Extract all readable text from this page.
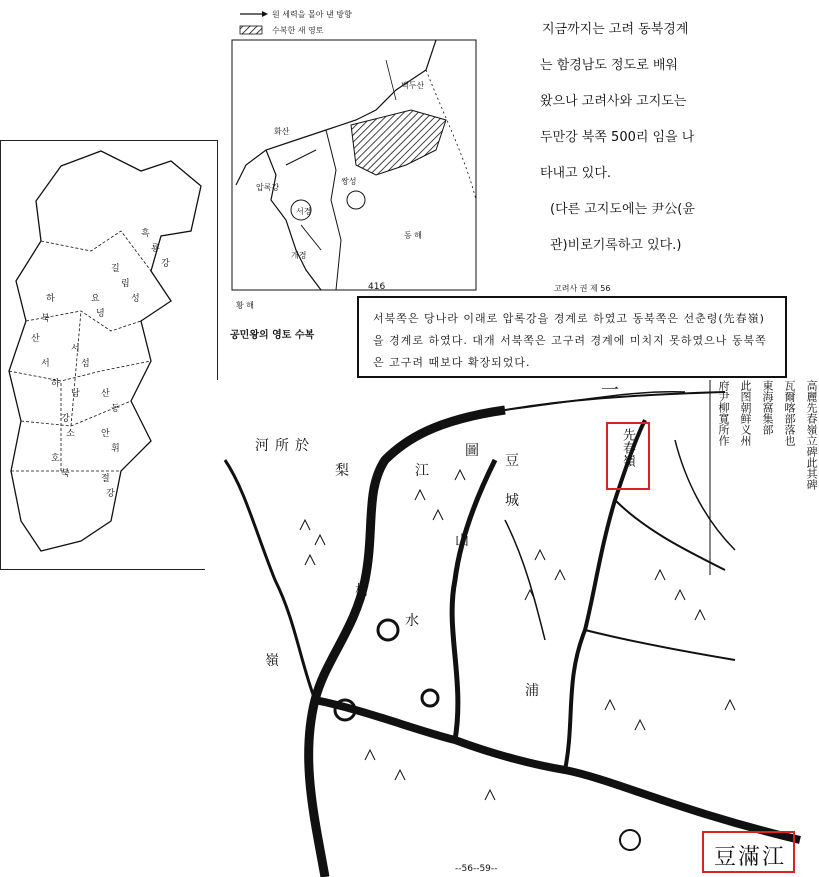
흑
룡
강
길
림
성
요
녕
하
북
산
서
섬
서
하
남 산
동
강
소	안
휘
호
북	절
강
원 세력을 몰아 낸 방향
수복한 새 영토
백두산
화산
동 해
황 해
서경
개경
쌍성
압록강
416
공민왕의 영토 수복
고려사 권 제 56
지금까지는 고려 동북경계
는 함경남도 정도로 배워
왔으나 고려사와 고지도는
두만강 북쪽 500리 임을 나
타내고 있다.
(다른 고지도에는 尹公(윤
관)비로기록하고 있다.)
서북쪽은 당나라 이래로 압록강을 경계로 하였고 동북쪽은 선춘령(先春嶺)을 경계로 하였다. 대개 서북쪽은 고구려 경계에 미치지 못하였으나 동북쪽은 고구려 때보다 확장되었다.
河 所 於
梨	江
圖
豆
城
山
村
嶺
水
浦
一	高麗先春嶺立碑此其碑
瓦爾喀部落也
東海窩集部
此图朝鲜义州
府尹柳寬所作
--56--59--
先春嶺
豆滿江
